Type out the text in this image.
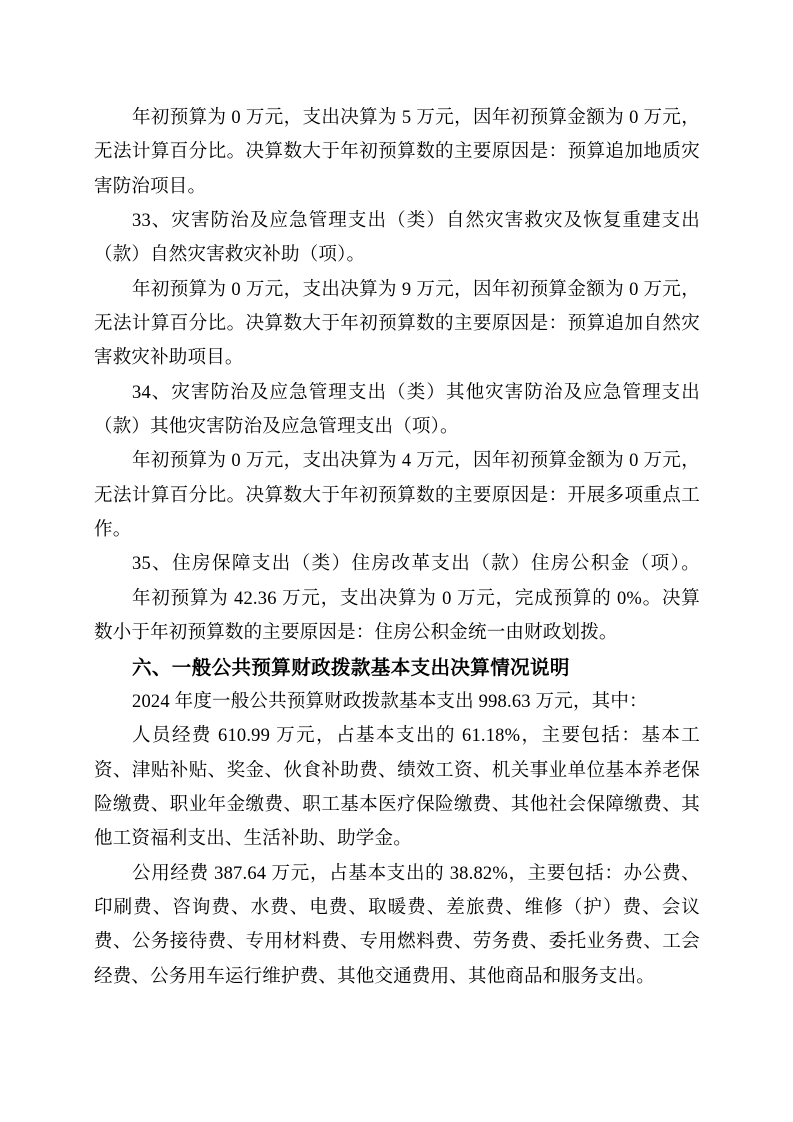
年初预算为 0 万元，支出决算为 5 万元，因年初预算金额为 0 万元，
无法计算百分比。决算数大于年初预算数的主要原因是：预算追加地质灾
害防治项目。
33、灾害防治及应急管理支出（类）自然灾害救灾及恢复重建支出
（款）自然灾害救灾补助（项）。
年初预算为 0 万元，支出决算为 9 万元，因年初预算金额为 0 万元，
无法计算百分比。决算数大于年初预算数的主要原因是：预算追加自然灾
害救灾补助项目。
34、灾害防治及应急管理支出（类）其他灾害防治及应急管理支出
（款）其他灾害防治及应急管理支出（项）。
年初预算为 0 万元，支出决算为 4 万元，因年初预算金额为 0 万元，
无法计算百分比。决算数大于年初预算数的主要原因是：开展多项重点工
作。
35、住房保障支出（类）住房改革支出（款）住房公积金（项）。
年初预算为 42.36 万元，支出决算为 0 万元，完成预算的 0%。决算
数小于年初预算数的主要原因是：住房公积金统一由财政划拨。
六、一般公共预算财政拨款基本支出决算情况说明
2024 年度一般公共预算财政拨款基本支出 998.63 万元，其中：
人员经费 610.99 万元，占基本支出的 61.18%，主要包括：基本工
资、津贴补贴、奖金、伙食补助费、绩效工资、机关事业单位基本养老保
险缴费、职业年金缴费、职工基本医疗保险缴费、其他社会保障缴费、其
他工资福利支出、生活补助、助学金。
公用经费 387.64 万元，占基本支出的 38.82%，主要包括：办公费、
印刷费、咨询费、水费、电费、取暖费、差旅费、维修（护）费、会议
费、公务接待费、专用材料费、专用燃料费、劳务费、委托业务费、工会
经费、公务用车运行维护费、其他交通费用、其他商品和服务支出。
